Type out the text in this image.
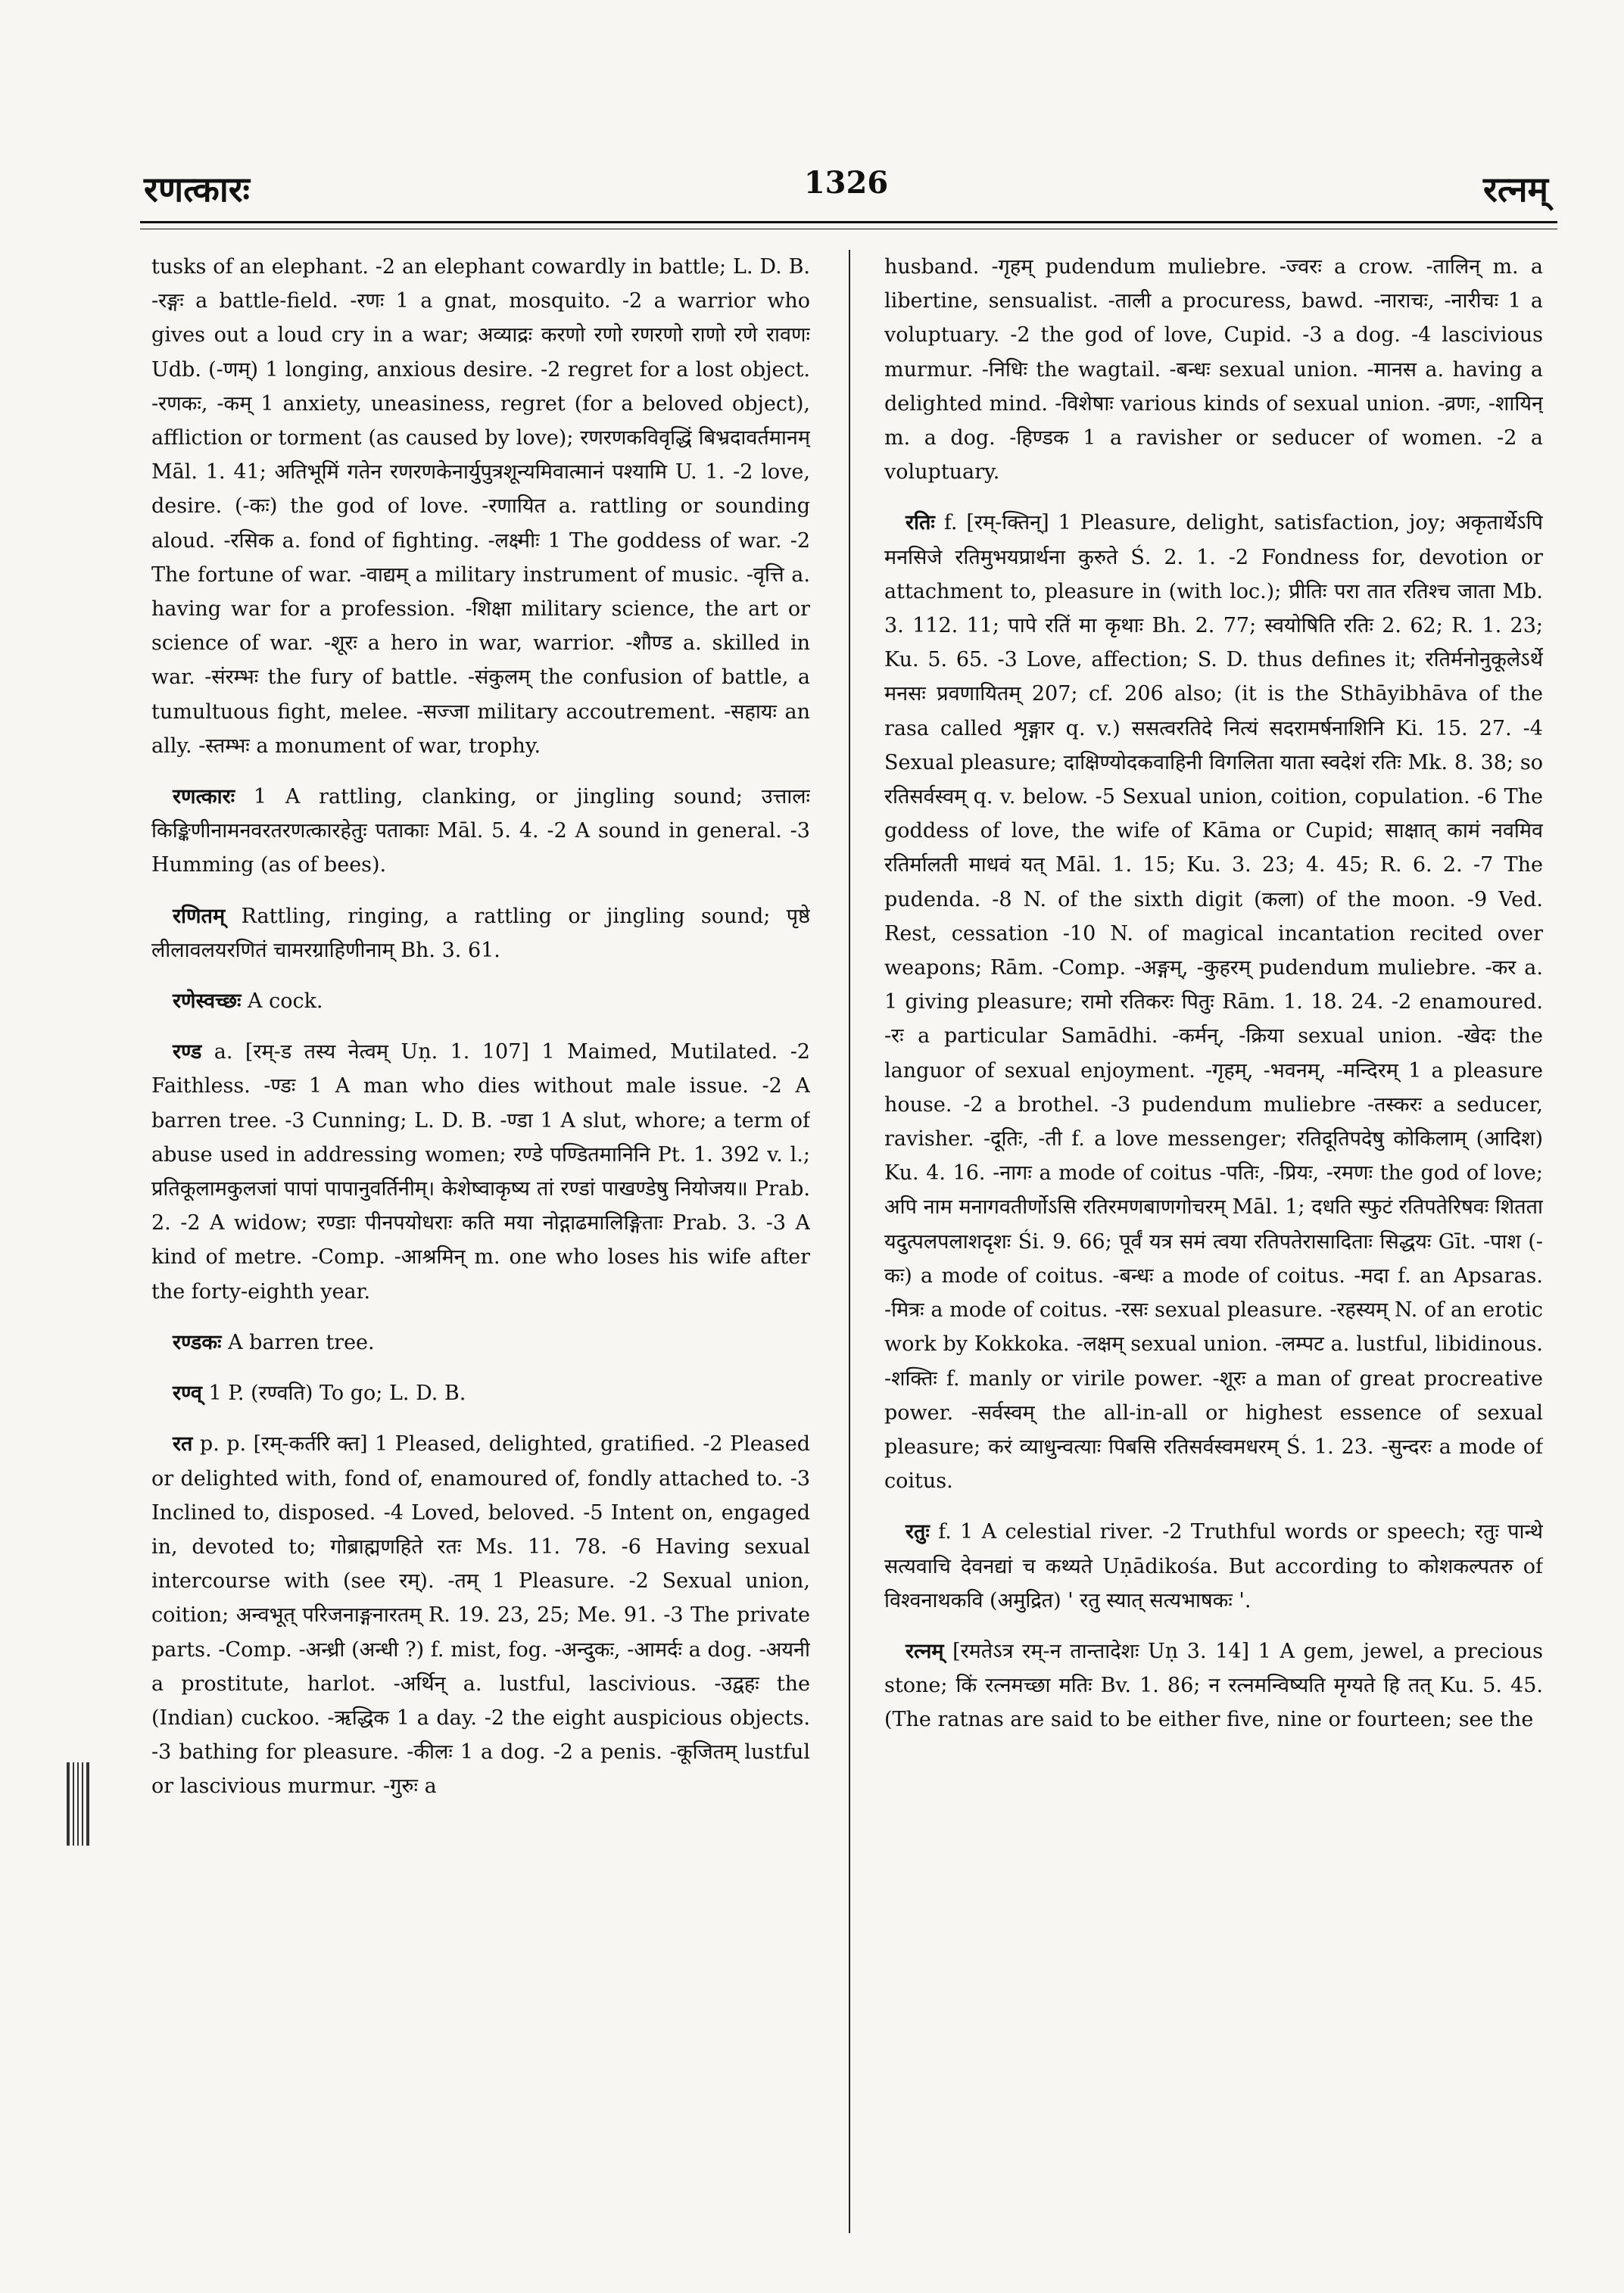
रणत्कारः	1326	रत्नम्

tusks of an elephant. -2 an elephant cowardly in battle; L. D. B. -रङ्गः a battle-field. -रणः 1 a gnat, mosquito. -2 a warrior who gives out a loud cry in a war; अव्याद्रः करणो रणो रणरणो राणो रणे रावणः Udb. (-णम्) 1 longing, anxious desire. -2 regret for a lost object. -रणकः, -कम् 1 anxiety, uneasiness, regret (for a beloved object), affliction or torment (as caused by love); रणरणकविवृद्धिं बिभ्रदावर्तमानम् Māl. 1. 41; अतिभूमिं गतेन रणरणकेनार्युपुत्रशून्यमिवात्मानं पश्यामि U. 1. -2 love, desire. (-कः) the god of love. -रणायित a. rattling or sounding aloud. -रसिक a. fond of fighting. -लक्ष्मीः 1 The goddess of war. -2 The fortune of war. -वाद्यम् a military instrument of music. -वृत्ति a. having war for a profession. -शिक्षा military science, the art or science of war. -शूरः a hero in war, warrior. -शौण्ड a. skilled in war. -संरम्भः the fury of battle. -संकुलम् the confusion of battle, a tumultuous fight, melee. -सज्जा military accoutrement. -सहायः an ally. -स्तम्भः a monument of war, trophy.

रणत्कारः 1 A rattling, clanking, or jingling sound; उत्तालः किङ्किणीनामनवरतरणत्कारहेतुः पताकाः Māl. 5. 4. -2 A sound in general. -3 Humming (as of bees).

रणितम् Rattling, ringing, a rattling or jingling sound; पृष्ठे लीलावलयरणितं चामरग्राहिणीनाम् Bh. 3. 61.

रणेस्वच्छः A cock.

रण्ड a. [रम्-ड तस्य नेत्वम् Uṇ. 1. 107] 1 Maimed, Mutilated. -2 Faithless. -ण्डः 1 A man who dies without male issue. -2 A barren tree. -3 Cunning; L. D. B. -ण्डा 1 A slut, whore; a term of abuse used in addressing women; रण्डे पण्डितमानिनि Pt. 1. 392 v. l.; प्रतिकूलामकुलजां पापां पापानुवर्तिनीम्। केशेष्वाकृष्य तां रण्डां पाखण्डेषु नियोजय॥ Prab. 2. -2 A widow; रण्डाः पीनपयोधराः कति मया नोद्गाढमालिङ्गिताः Prab. 3. -3 A kind of metre. -Comp. -आश्रमिन् m. one who loses his wife after the forty-eighth year.

रण्डकः A barren tree.

रण्व् 1 P. (रण्वति) To go; L. D. B.

रत p. p. [रम्-कर्तरि क्त] 1 Pleased, delighted, gratified. -2 Pleased or delighted with, fond of, enamoured of, fondly attached to. -3 Inclined to, disposed. -4 Loved, beloved. -5 Intent on, engaged in, devoted to; गोब्राह्मणहिते रतः Ms. 11. 78. -6 Having sexual intercourse with (see रम्). -तम् 1 Pleasure. -2 Sexual union, coition; अन्वभूत् परिजनाङ्गनारतम् R. 19. 23, 25; Me. 91. -3 The private parts. -Comp. -अन्ध्री (अन्धी ?) f. mist, fog. -अन्दुकः, -आमर्दः a dog. -अयनी a prostitute, harlot. -अर्थिन् a. lustful, lascivious. -उद्वहः the (Indian) cuckoo. -ऋद्धिक 1 a day. -2 the eight auspicious objects. -3 bathing for pleasure. -कीलः 1 a dog. -2 a penis. -कूजितम् lustful or lascivious murmur. -गुरुः a

husband. -गृहम् pudendum muliebre. -ज्वरः a crow. -तालिन् m. a libertine, sensualist. -ताली a procuress, bawd. -नाराचः, -नारीचः 1 a voluptuary. -2 the god of love, Cupid. -3 a dog. -4 lascivious murmur. -निधिः the wagtail. -बन्धः sexual union. -मानस a. having a delighted mind. -विशेषाः various kinds of sexual union. -व्रणः, -शायिन् m. a dog. -हिण्डक 1 a ravisher or seducer of women. -2 a voluptuary.

रतिः f. [रम्-क्तिन्] 1 Pleasure, delight, satisfaction, joy; अकृतार्थेऽपि मनसिजे रतिमुभयप्रार्थना कुरुते Ś. 2. 1. -2 Fondness for, devotion or attachment to, pleasure in (with loc.); प्रीतिः परा तात रतिश्च जाता Mb. 3. 112. 11; पापे रतिं मा कृथाः Bh. 2. 77; स्वयोषिति रतिः 2. 62; R. 1. 23; Ku. 5. 65. -3 Love, affection; S. D. thus defines it; रतिर्मनोनुकूलेऽर्थे मनसः प्रवणायितम् 207; cf. 206 also; (it is the Sthāyibhāva of the rasa called शृङ्गार q. v.) ससत्वरतिदे नित्यं सदरामर्षनाशिनि Ki. 15. 27. -4 Sexual pleasure; दाक्षिण्योदकवाहिनी विगलिता याता स्वदेशं रतिः Mk. 8. 38; so रतिसर्वस्वम् q. v. below. -5 Sexual union, coition, copulation. -6 The goddess of love, the wife of Kāma or Cupid; साक्षात् कामं नवमिव रतिर्मालती माधवं यत् Māl. 1. 15; Ku. 3. 23; 4. 45; R. 6. 2. -7 The pudenda. -8 N. of the sixth digit (कला) of the moon. -9 Ved. Rest, cessation -10 N. of magical incantation recited over weapons; Rām. -Comp. -अङ्गम्, -कुहरम् pudendum muliebre. -कर a. 1 giving pleasure; रामो रतिकरः पितुः Rām. 1. 18. 24. -2 enamoured. -रः a particular Samādhi. -कर्मन्, -क्रिया sexual union. -खेदः the languor of sexual enjoyment. -गृहम्, -भवनम्, -मन्दिरम् 1 a pleasure house. -2 a brothel. -3 pudendum muliebre -तस्करः a seducer, ravisher. -दूतिः, -ती f. a love messenger; रतिदूतिपदेषु कोकिलाम् (आदिश) Ku. 4. 16. -नागः a mode of coitus -पतिः, -प्रियः, -रमणः the god of love; अपि नाम मनागवतीर्णोऽसि रतिरमणबाणगोचरम् Māl. 1; दधति स्फुटं रतिपतेरिषवः शितता यदुत्पलपलाशदृशः Śi. 9. 66; पूर्वं यत्र समं त्वया रतिपतेरासादिताः सिद्धयः Gīt. -पाश (-कः) a mode of coitus. -बन्धः a mode of coitus. -मदा f. an Apsaras. -मित्रः a mode of coitus. -रसः sexual pleasure. -रहस्यम् N. of an erotic work by Kokkoka. -लक्षम् sexual union. -लम्पट a. lustful, libidinous. -शक्तिः f. manly or virile power. -शूरः a man of great procreative power. -सर्वस्वम् the all-in-all or highest essence of sexual pleasure; करं व्याधुन्वत्याः पिबसि रतिसर्वस्वमधरम् Ś. 1. 23. -सुन्दरः a mode of coitus.

रतुः f. 1 A celestial river. -2 Truthful words or speech; रतुः पान्थे सत्यवाचि देवनद्यां च कथ्यते Uṇādikośa. But according to कोशकल्पतरु of विश्वनाथकवि (अमुद्रित) ' रतु स्यात् सत्यभाषकः '.

रत्नम् [रमतेऽत्र रम्-न तान्तादेशः Uṇ 3. 14] 1 A gem, jewel, a precious stone; किं रत्नमच्छा मतिः Bv. 1. 86; न रत्नमन्विष्यति मृग्यते हि तत् Ku. 5. 45. (The ratnas are said to be either five, nine or fourteen; see the
